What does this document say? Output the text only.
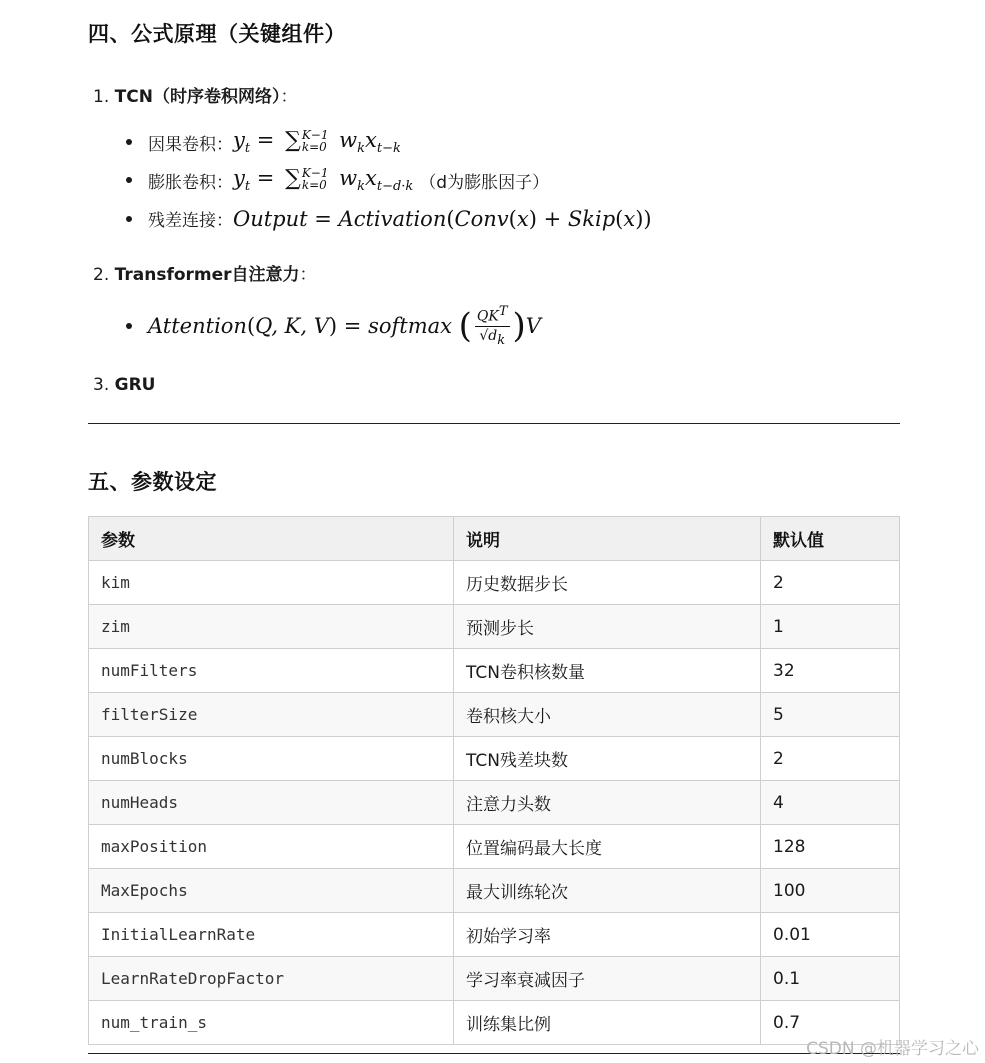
四、公式原理（关键组件）
1. TCN（时序卷积网络）：
因果卷积： $y_t$ = ∑ K−1
k=0 $w_kx_{t-k}$
膨胀卷积： $y_t$ = ∑ K−1
k=0 $w_kx_{t-d\cdot k}$ （d为膨胀因子）
残差连接： Output = Activation(Conv(x) + Skip(x))
2. Transformer自注意力：
Attention ( Q, K, V )
= softmax ( $\frac{QK^T}{√d_k}$ ) V
3. GRU
五、参数设定
参数	说明	默认值
kim	历史数据步长	2
zim	预测步长	1
numFilters	TCN卷积核数量	32
filterSize	卷积核大小	5
numBlocks	TCN残差块数	2
numHeads	注意力头数	4
maxPosition	位置编码最大长度	128
MaxEpochs	最大训练轮次	100
InitialLearnRate	初始学习率	0.01
LearnRateDropFactor	学习率衰减因子	0.1
num_train_s	训练集比例	0.7
CSDN @机器学习之心
